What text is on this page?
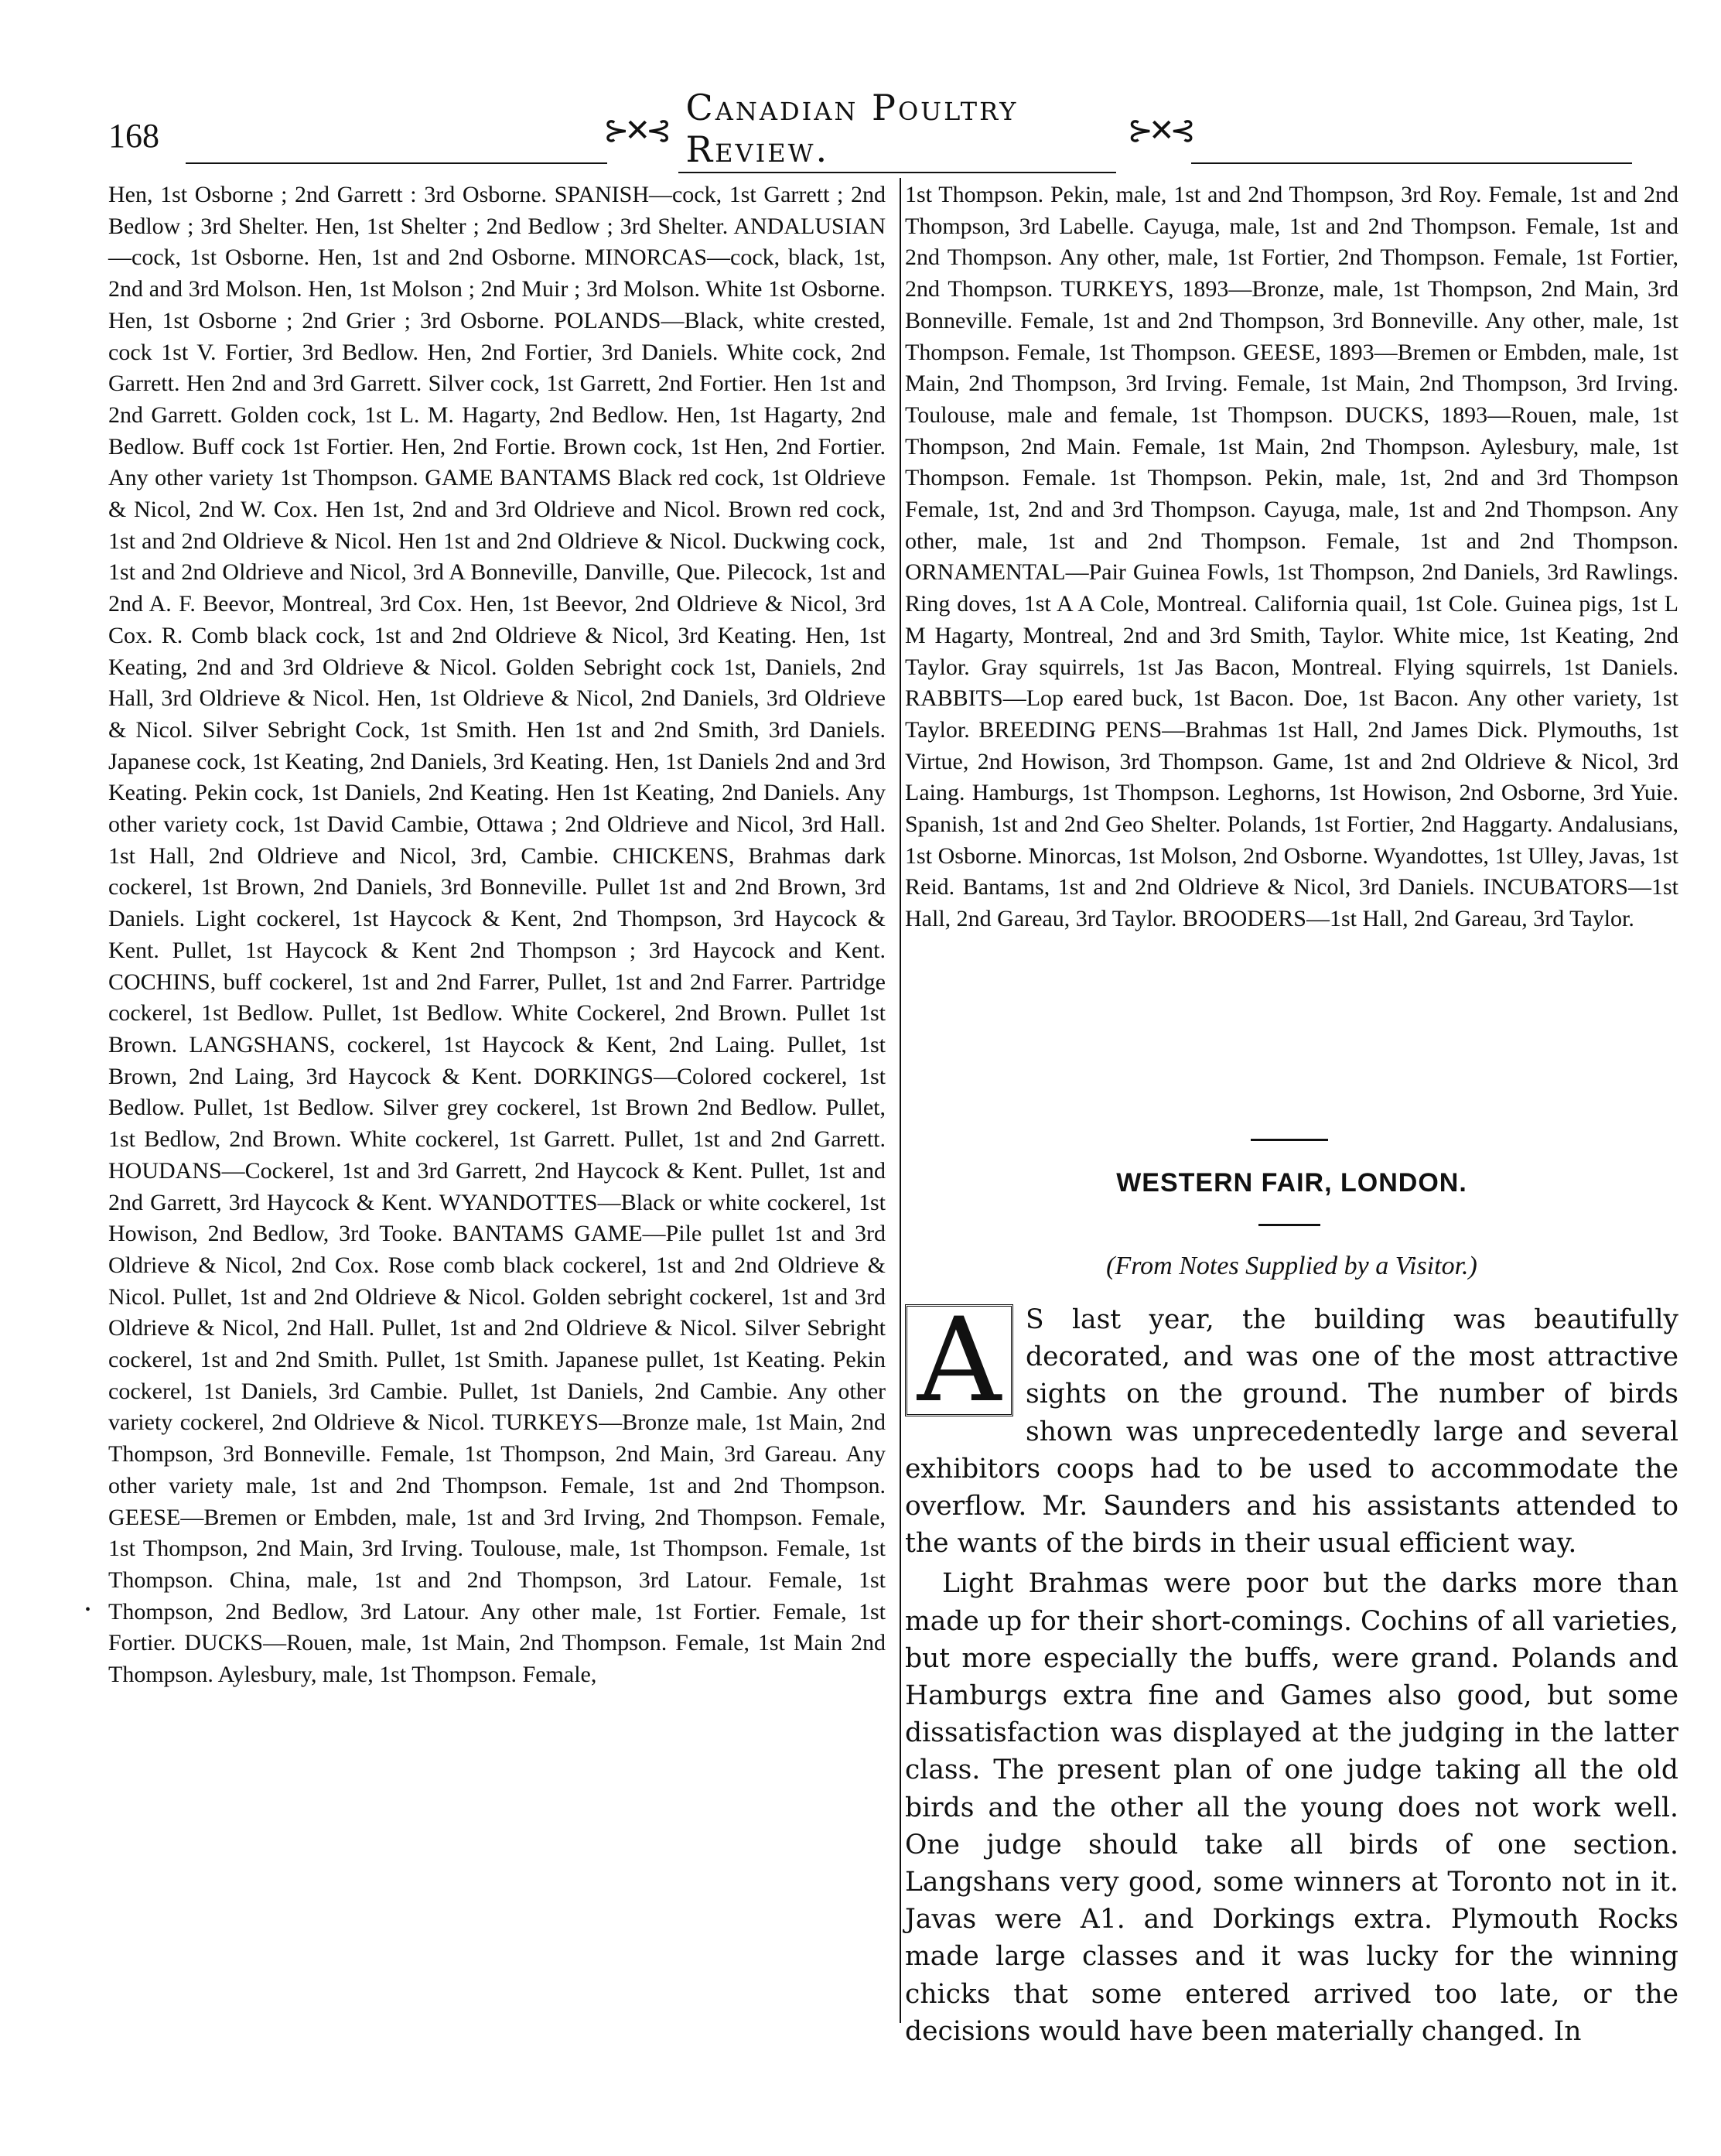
168	⊱✕⊰
Canadian Poultry Review.	⊱✕⊰

Hen, 1st Osborne ; 2nd Garrett : 3rd Osborne. SPANISH—cock, 1st Garrett ; 2nd Bedlow ; 3rd Shelter. Hen, 1st Shelter ; 2nd Bedlow ; 3rd Shelter. ANDALUSIAN—cock, 1st Osborne. Hen, 1st and 2nd Osborne. MINORCAS—cock, black, 1st, 2nd and 3rd Molson. Hen, 1st Molson ; 2nd Muir ; 3rd Molson. White 1st Osborne. Hen, 1st Osborne ; 2nd Grier ; 3rd Osborne. POLANDS—Black, white crested, cock 1st V. Fortier, 3rd Bedlow. Hen, 2nd Fortier, 3rd Daniels. White cock, 2nd Garrett. Hen 2nd and 3rd Garrett. Silver cock, 1st Garrett, 2nd Fortier. Hen 1st and 2nd Garrett. Golden cock, 1st L. M. Hagarty, 2nd Bedlow. Hen, 1st Hagarty, 2nd Bedlow. Buff cock 1st Fortier. Hen, 2nd Fortie. Brown cock, 1st Hen, 2nd Fortier. Any other variety 1st Thompson. GAME BANTAMS Black red cock, 1st Oldrieve & Nicol, 2nd W. Cox. Hen 1st, 2nd and 3rd Oldrieve and Nicol. Brown red cock, 1st and 2nd Oldrieve & Nicol. Hen 1st and 2nd Oldrieve & Nicol. Duckwing cock, 1st and 2nd Oldrieve and Nicol, 3rd A Bonneville, Danville, Que. Pilecock, 1st and 2nd A. F. Beevor, Montreal, 3rd Cox. Hen, 1st Beevor, 2nd Oldrieve & Nicol, 3rd Cox. R. Comb black cock, 1st and 2nd Oldrieve & Nicol, 3rd Keating. Hen, 1st Keating, 2nd and 3rd Oldrieve & Nicol. Golden Sebright cock 1st, Daniels, 2nd Hall, 3rd Oldrieve & Nicol. Hen, 1st Oldrieve & Nicol, 2nd Daniels, 3rd Oldrieve & Nicol. Silver Sebright Cock, 1st Smith. Hen 1st and 2nd Smith, 3rd Daniels. Japanese cock, 1st Keating, 2nd Daniels, 3rd Keating. Hen, 1st Daniels 2nd and 3rd Keating. Pekin cock, 1st Daniels, 2nd Keating. Hen 1st Keating, 2nd Daniels. Any other variety cock, 1st David Cambie, Ottawa ; 2nd Oldrieve and Nicol, 3rd Hall. 1st Hall, 2nd Oldrieve and Nicol, 3rd, Cambie. CHICKENS, Brahmas dark cockerel, 1st Brown, 2nd Daniels, 3rd Bonneville. Pullet 1st and 2nd Brown, 3rd Daniels. Light cockerel, 1st Haycock & Kent, 2nd Thompson, 3rd Haycock & Kent. Pullet, 1st Haycock & Kent 2nd Thompson ; 3rd Haycock and Kent. COCHINS, buff cockerel, 1st and 2nd Farrer, Pullet, 1st and 2nd Farrer. Partridge cockerel, 1st Bedlow. Pullet, 1st Bedlow. White Cockerel, 2nd Brown. Pullet 1st Brown. LANGSHANS, cockerel, 1st Haycock & Kent, 2nd Laing. Pullet, 1st Brown, 2nd Laing, 3rd Haycock & Kent. DORKINGS—Colored cockerel, 1st Bedlow. Pullet, 1st Bedlow. Silver grey cockerel, 1st Brown 2nd Bedlow. Pullet, 1st Bedlow, 2nd Brown. White cockerel, 1st Garrett. Pullet, 1st and 2nd Garrett. HOUDANS—Cockerel, 1st and 3rd Garrett, 2nd Haycock & Kent. Pullet, 1st and 2nd Garrett, 3rd Haycock & Kent. WYANDOTTES—Black or white cockerel, 1st Howison, 2nd Bedlow, 3rd Tooke. BANTAMS GAME—Pile pullet 1st and 3rd Oldrieve & Nicol, 2nd Cox. Rose comb black cockerel, 1st and 2nd Oldrieve & Nicol. Pullet, 1st and 2nd Oldrieve & Nicol. Golden sebright cockerel, 1st and 3rd Oldrieve & Nicol, 2nd Hall. Pullet, 1st and 2nd Oldrieve & Nicol. Silver Sebright cockerel, 1st and 2nd Smith. Pullet, 1st Smith. Japanese pullet, 1st Keating. Pekin cockerel, 1st Daniels, 3rd Cambie. Pullet, 1st Daniels, 2nd Cambie. Any other variety cockerel, 2nd Oldrieve & Nicol. TURKEYS—Bronze male, 1st Main, 2nd Thompson, 3rd Bonneville. Female, 1st Thompson, 2nd Main, 3rd Gareau. Any other variety male, 1st and 2nd Thompson. Female, 1st and 2nd Thompson. GEESE—Bremen or Embden, male, 1st and 3rd Irving, 2nd Thompson. Female, 1st Thompson, 2nd Main, 3rd Irving. Toulouse, male, 1st Thompson. Female, 1st Thompson. China, male, 1st and 2nd Thompson, 3rd Latour. Female, 1st Thompson, 2nd Bedlow, 3rd Latour. Any other male, 1st Fortier. Female, 1st Fortier. DUCKS—Rouen, male, 1st Main, 2nd Thompson. Female, 1st Main 2nd Thompson. Aylesbury, male, 1st Thompson. Female,

1st Thompson. Pekin, male, 1st and 2nd Thompson, 3rd Roy. Female, 1st and 2nd Thompson, 3rd Labelle. Cayuga, male, 1st and 2nd Thompson. Female, 1st and 2nd Thompson. Any other, male, 1st Fortier, 2nd Thompson. Female, 1st Fortier, 2nd Thompson. TURKEYS, 1893—Bronze, male, 1st Thompson, 2nd Main, 3rd Bonneville. Female, 1st and 2nd Thompson, 3rd Bonneville. Any other, male, 1st Thompson. Female, 1st Thompson. GEESE, 1893—Bremen or Embden, male, 1st Main, 2nd Thompson, 3rd Irving. Female, 1st Main, 2nd Thompson, 3rd Irving. Toulouse, male and female, 1st Thompson. DUCKS, 1893—Rouen, male, 1st Thompson, 2nd Main. Female, 1st Main, 2nd Thompson. Aylesbury, male, 1st Thompson. Female. 1st Thompson. Pekin, male, 1st, 2nd and 3rd Thompson Female, 1st, 2nd and 3rd Thompson. Cayuga, male, 1st and 2nd Thompson. Any other, male, 1st and 2nd Thompson. Female, 1st and 2nd Thompson. ORNAMENTAL—Pair Guinea Fowls, 1st Thompson, 2nd Daniels, 3rd Rawlings. Ring doves, 1st A A Cole, Montreal. California quail, 1st Cole. Guinea pigs, 1st L M Hagarty, Montreal, 2nd and 3rd Smith, Taylor. White mice, 1st Keating, 2nd Taylor. Gray squirrels, 1st Jas Bacon, Montreal. Flying squirrels, 1st Daniels. RABBITS—Lop eared buck, 1st Bacon. Doe, 1st Bacon. Any other variety, 1st Taylor. BREEDING PENS—Brahmas 1st Hall, 2nd James Dick. Plymouths, 1st Virtue, 2nd Howison, 3rd Thompson. Game, 1st and 2nd Oldrieve & Nicol, 3rd Laing. Hamburgs, 1st Thompson. Leghorns, 1st Howison, 2nd Osborne, 3rd Yuie. Spanish, 1st and 2nd Geo Shelter. Polands, 1st Fortier, 2nd Haggarty. Andalusians, 1st Osborne. Minorcas, 1st Molson, 2nd Osborne. Wyandottes, 1st Ulley, Javas, 1st Reid. Bantams, 1st and 2nd Oldrieve & Nicol, 3rd Daniels. INCUBATORS—1st Hall, 2nd Gareau, 3rd Taylor. BROODERS—1st Hall, 2nd Gareau, 3rd Taylor.

WESTERN FAIR, LONDON.
(From Notes Supplied by a Visitor.)

A S last year, the building was beautifully decorated, and was one of the most attractive sights on the ground. The number of birds shown was unprecedentedly large and several exhibitors coops had to be used to accommodate the overflow. Mr. Saunders and his assistants attended to the wants of the birds in their usual efficient way.

Light Brahmas were poor but the darks more than made up for their short-comings. Cochins of all varieties, but more especially the buffs, were grand. Polands and Hamburgs extra fine and Games also good, but some dissatisfaction was displayed at the judging in the latter class. The present plan of one judge taking all the old birds and the other all the young does not work well. One judge should take all birds of one section. Langshans very good, some winners at Toronto not in it. Javas were A1. and Dorkings extra. Plymouth Rocks made large classes and it was lucky for the winning chicks that some entered arrived too late, or the decisions would have been materially changed. In

•
